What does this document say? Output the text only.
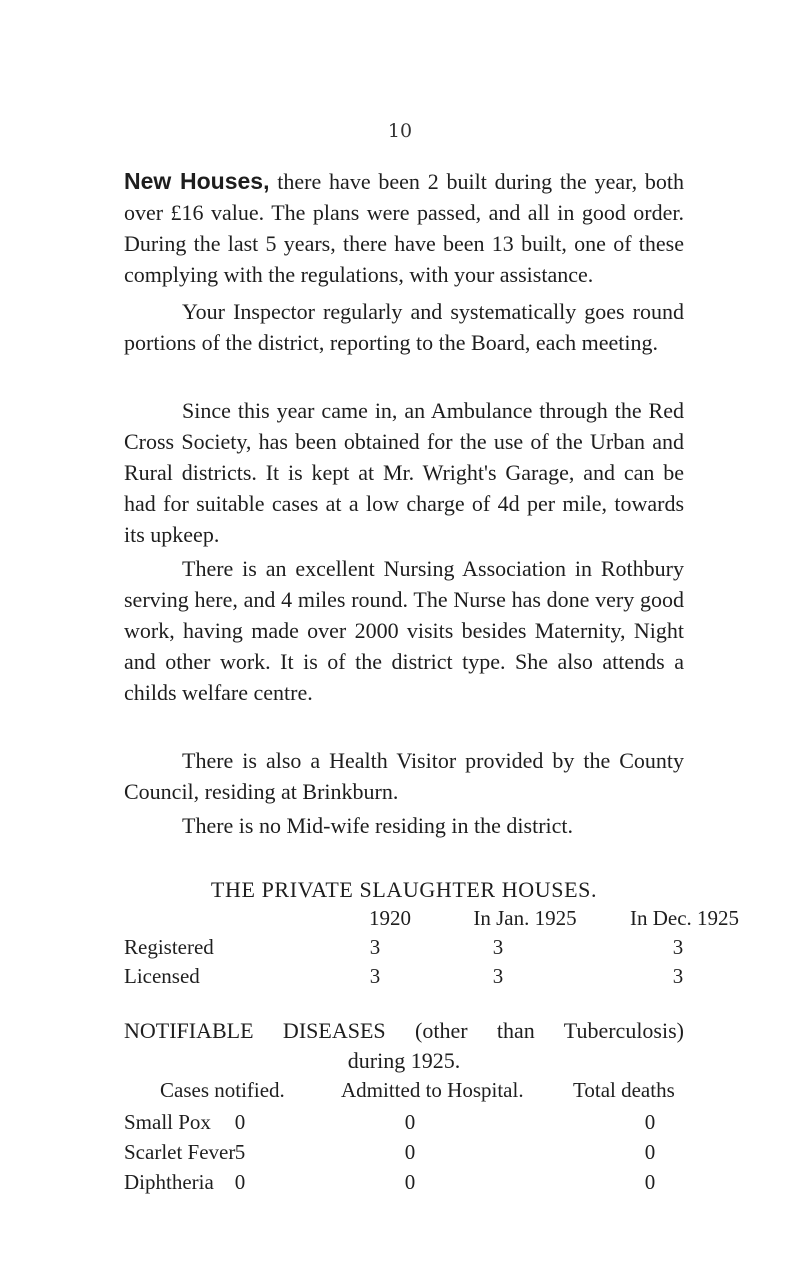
10

New Houses, there have been 2 built during the year, both over £16 value. The plans were passed, and all in good order. During the last 5 years, there have been 13 built, one of these complying with the regulations, with your assistance.

Your Inspector regularly and systematically goes round portions of the district, reporting to the Board, each meeting.

Since this year came in, an Ambulance through the Red Cross Society, has been obtained for the use of the Urban and Rural districts. It is kept at Mr. Wright's Garage, and can be had for suitable cases at a low charge of 4d per mile, towards its upkeep.

There is an excellent Nursing Association in Rothbury serving here, and 4 miles round. The Nurse has done very good work, having made over 2000 visits besides Maternity, Night and other work. It is of the district type. She also attends a childs welfare centre.

There is also a Health Visitor provided by the County Council, residing at Brinkburn.

There is no Mid-wife residing in the district.

THE PRIVATE SLAUGHTER HOUSES.
1920	In Jan. 1925	In Dec. 1925
Registered	3	3	3
Licensed	3	3	3
NOTIFIABLE DISEASES (other than Tuberculosis)
during 1925.
Cases notified.	Admitted to Hospital. Total deaths
Small Pox	0	0	0
Scarlet Fever 5	0	0
Diphtheria 0	0	0
